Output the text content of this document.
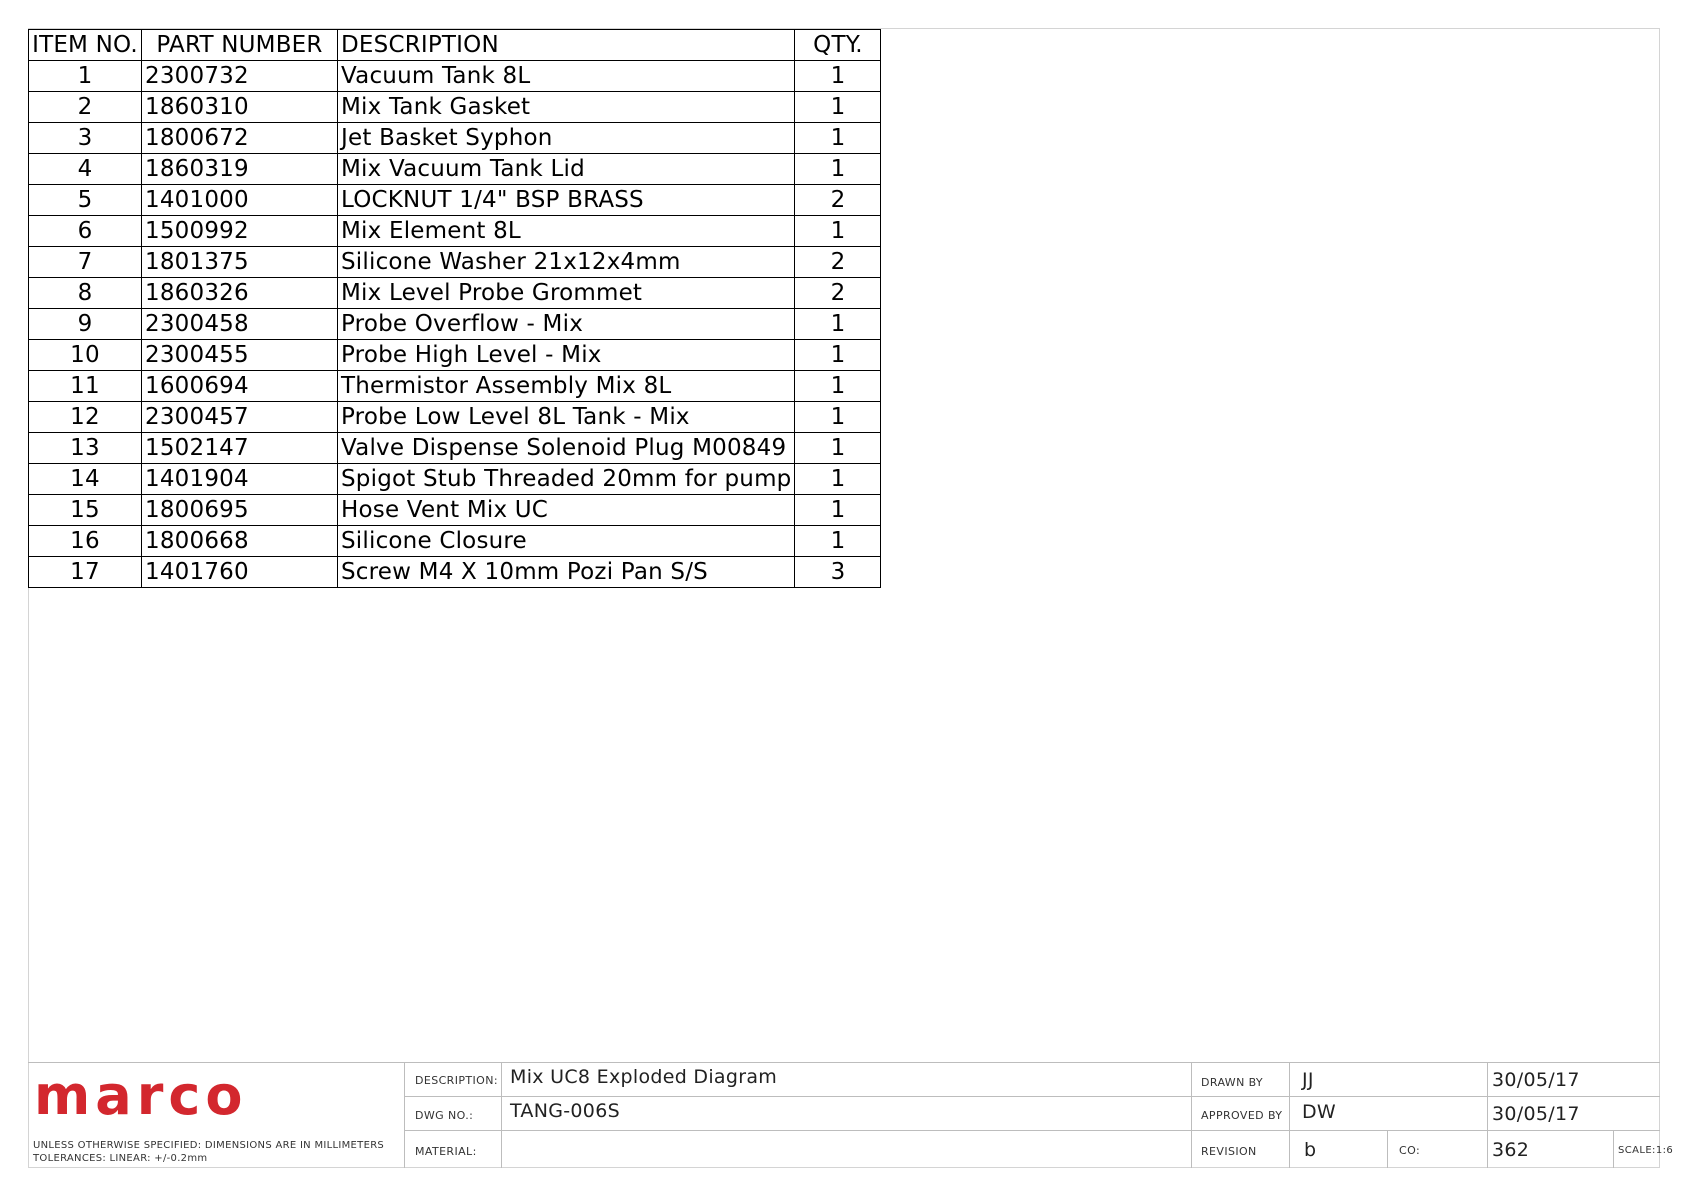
ITEM NO.	PART NUMBER	DESCRIPTION	QTY.
1	2300732	Vacuum Tank 8L	1
2	1860310	Mix Tank Gasket	1
3	1800672	Jet Basket Syphon	1
4	1860319	Mix Vacuum Tank Lid	1
5	1401000	LOCKNUT 1/4" BSP BRASS	2
6	1500992	Mix Element 8L	1
7	1801375	Silicone Washer 21x12x4mm	2
8	1860326	Mix Level Probe Grommet	2
9	2300458	Probe Overflow - Mix	1
10	2300455	Probe High Level - Mix	1
11	1600694	Thermistor Assembly Mix 8L	1
12	2300457	Probe Low Level 8L Tank - Mix	1
13	1502147	Valve Dispense Solenoid Plug M00849	1
14	1401904	Spigot Stub Threaded 20mm for pump	1
15	1800695	Hose Vent Mix UC	1
16	1800668	Silicone Closure	1
17	1401760	Screw M4 X 10mm Pozi Pan S/S	3
marco
UNLESS OTHERWISE SPECIFIED: DIMENSIONS ARE IN MILLIMETERS
TOLERANCES: LINEAR: +/-0.2mm
DESCRIPTION: Mix UC8 Exploded Diagram	DRAWN BY JJ	30/05/17
DWG NO.: TANG-006S	APPROVED BY DW	30/05/17
MATERIAL:	REVISION b	CO:	362	SCALE:1:6
